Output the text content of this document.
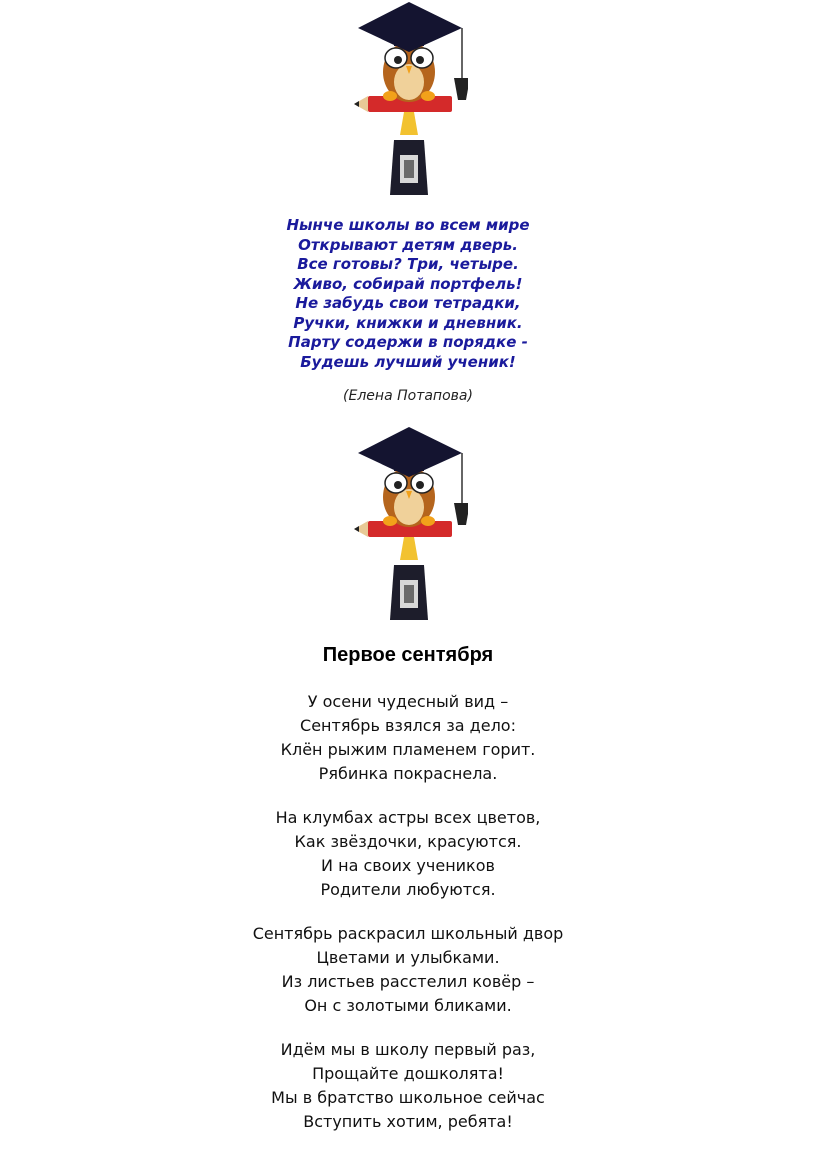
Нынче школы во всем мире
Открывают детям дверь.
Все готовы? Три, четыре.
Живо, собирай портфель!
Не забудь свои тетрадки,
Ручки, книжки и дневник.
Парту содержи в порядке -
Будешь лучший ученик!
(Елена Потапова)
Первое сентября
У осени чудесный вид –
Сентябрь взялся за дело:
Клён рыжим пламенем горит.
Рябинка покраснела.
На клумбах астры всех цветов,
Как звёздочки, красуются.
И на своих учеников
Родители любуются.
Сентябрь раскрасил школьный двор
Цветами и улыбками.
Из листьев расстелил ковёр –
Он с золотыми бликами.
Идём мы в школу первый раз,
Прощайте дошколята!
Мы в братство школьное сейчас
Вступить хотим, ребята!
